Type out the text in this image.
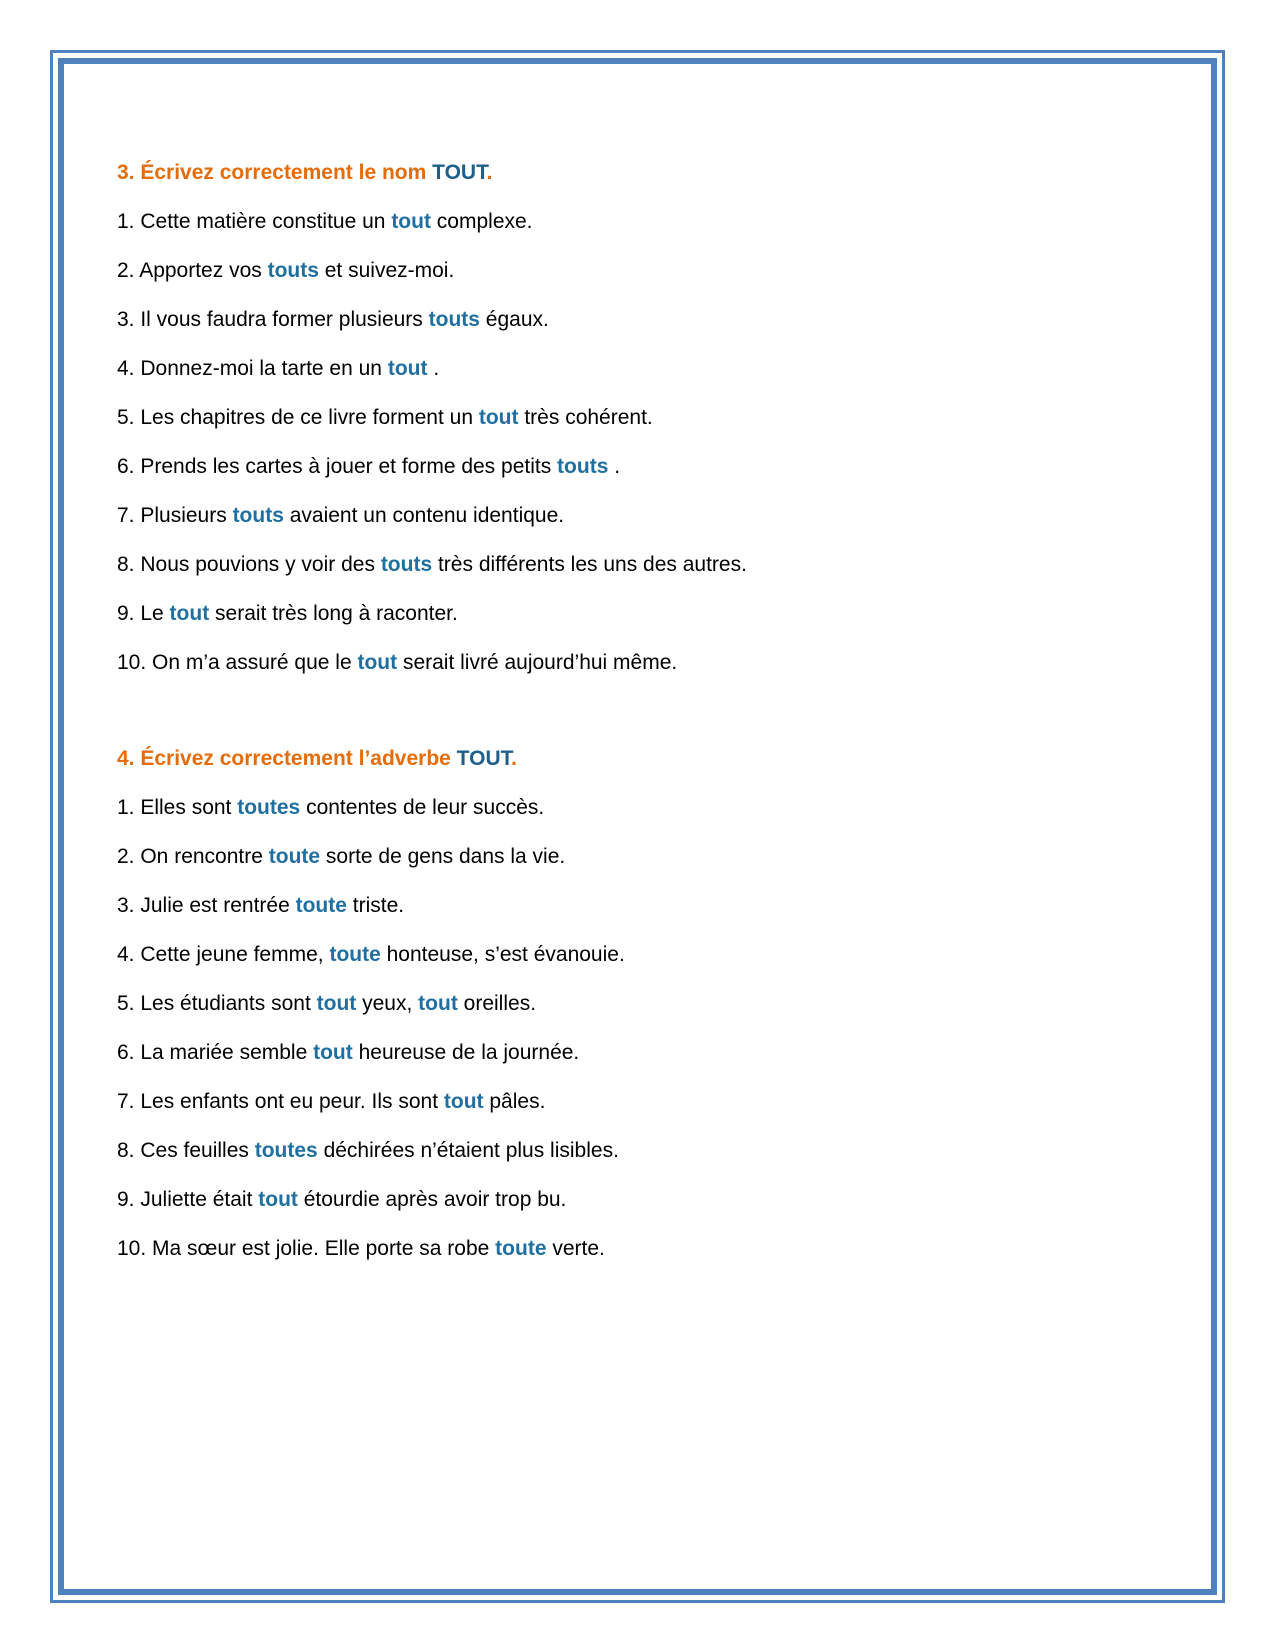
3. Écrivez correctement le nom TOUT.
1. Cette matière constitue un tout complexe.
2. Apportez vos touts et suivez-moi.
3. Il vous faudra former plusieurs touts égaux.
4. Donnez-moi la tarte en un tout .
5. Les chapitres de ce livre forment un tout très cohérent.
6. Prends les cartes à jouer et forme des petits touts .
7. Plusieurs touts avaient un contenu identique.
8. Nous pouvions y voir des touts très différents les uns des autres.
9. Le tout serait très long à raconter.
10. On m’a assuré que le tout serait livré aujourd’hui même.
4. Écrivez correctement l’adverbe TOUT.
1. Elles sont toutes contentes de leur succès.
2. On rencontre toute sorte de gens dans la vie.
3. Julie est rentrée toute triste.
4. Cette jeune femme, toute honteuse, s’est évanouie.
5. Les étudiants sont tout yeux, tout oreilles.
6. La mariée semble tout heureuse de la journée.
7. Les enfants ont eu peur. Ils sont tout pâles.
8. Ces feuilles toutes déchirées n’étaient plus lisibles.
9. Juliette était tout étourdie après avoir trop bu.
10. Ma sœur est jolie. Elle porte sa robe toute verte.
